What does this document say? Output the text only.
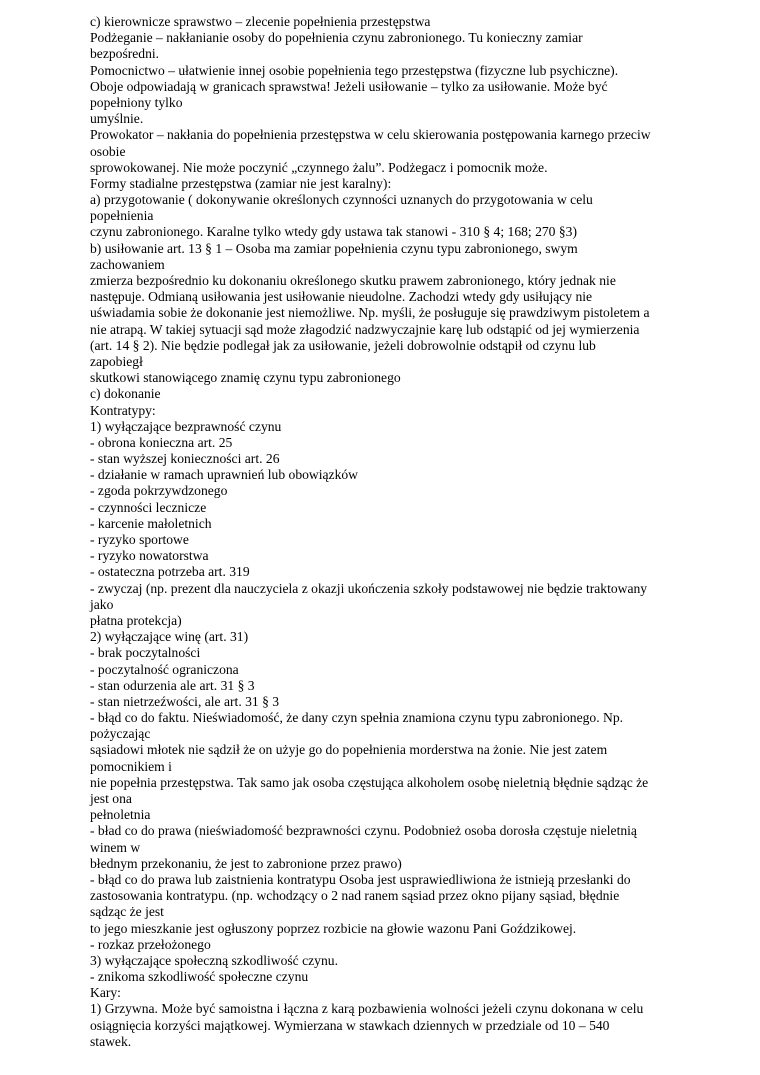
c) kierownicze sprawstwo – zlecenie popełnienia przestępstwa
Podżeganie – nakłanianie osoby do popełnienia czynu zabronionego. Tu konieczny zamiar
bezpośredni.
Pomocnictwo – ułatwienie innej osobie popełnienia tego przestępstwa (fizyczne lub psychiczne).
Oboje odpowiadają w granicach sprawstwa! Jeżeli usiłowanie – tylko za usiłowanie. Może być
popełniony tylko
umyślnie.
Prowokator – nakłania do popełnienia przestępstwa w celu skierowania postępowania karnego przeciw
osobie
sprowokowanej. Nie może poczynić „czynnego żalu”. Podżegacz i pomocnik może.
Formy stadialne przestępstwa (zamiar nie jest karalny):
a) przygotowanie ( dokonywanie określonych czynności uznanych do przygotowania w celu
popełnienia
czynu zabronionego. Karalne tylko wtedy gdy ustawa tak stanowi - 310 § 4; 168; 270 §3)
b) usiłowanie art. 13 § 1 – Osoba ma zamiar popełnienia czynu typu zabronionego, swym
zachowaniem
zmierza bezpośrednio ku dokonaniu określonego skutku prawem zabronionego, który jednak nie
następuje. Odmianą usiłowania jest usiłowanie nieudolne. Zachodzi wtedy gdy usiłujący nie
uświadamia sobie że dokonanie jest niemożliwe. Np. myśli, że posługuje się prawdziwym pistoletem a
nie atrapą. W takiej sytuacji sąd może złagodzić nadzwyczajnie karę lub odstąpić od jej wymierzenia
(art. 14 § 2). Nie będzie podlegał jak za usiłowanie, jeżeli dobrowolnie odstąpił od czynu lub
zapobiegł
skutkowi stanowiącego znamię czynu typu zabronionego
c) dokonanie
Kontratypy:
1) wyłączające bezprawność czynu
- obrona konieczna art. 25
- stan wyższej konieczności art. 26
- działanie w ramach uprawnień lub obowiązków
- zgoda pokrzywdzonego
- czynności lecznicze
- karcenie małoletnich
- ryzyko sportowe
- ryzyko nowatorstwa
- ostateczna potrzeba art. 319
- zwyczaj (np. prezent dla nauczyciela z okazji ukończenia szkoły podstawowej nie będzie traktowany
jako
płatna protekcja)
2) wyłączające winę (art. 31)
- brak poczytalności
- poczytalność ograniczona
- stan odurzenia ale art. 31 § 3
- stan nietrzeźwości, ale art. 31 § 3
- błąd co do faktu. Nieświadomość, że dany czyn spełnia znamiona czynu typu zabronionego. Np.
pożyczając
sąsiadowi młotek nie sądził że on użyje go do popełnienia morderstwa na żonie. Nie jest zatem
pomocnikiem i
nie popełnia przestępstwa. Tak samo jak osoba częstująca alkoholem osobę nieletnią błędnie sądząc że
jest ona
pełnoletnia
- bład co do prawa (nieświadomość bezprawności czynu. Podobnież osoba dorosła częstuje nieletnią
winem w
błednym przekonaniu, że jest to zabronione przez prawo)
- błąd co do prawa lub zaistnienia kontratypu Osoba jest usprawiedliwiona że istnieją przesłanki do
zastosowania kontratypu. (np. wchodzący o 2 nad ranem sąsiad przez okno pijany sąsiad, błędnie
sądząc że jest
to jego mieszkanie jest ogłuszony poprzez rozbicie na głowie wazonu Pani Goździkowej.
- rozkaz przełożonego
3) wyłączające społeczną szkodliwość czynu.
- znikoma szkodliwość społeczne czynu
Kary:
1) Grzywna. Może być samoistna i łączna z karą pozbawienia wolności jeżeli czynu dokonana w celu
osiągnięcia korzyści majątkowej. Wymierzana w stawkach dziennych w przedziale od 10 – 540
stawek.
